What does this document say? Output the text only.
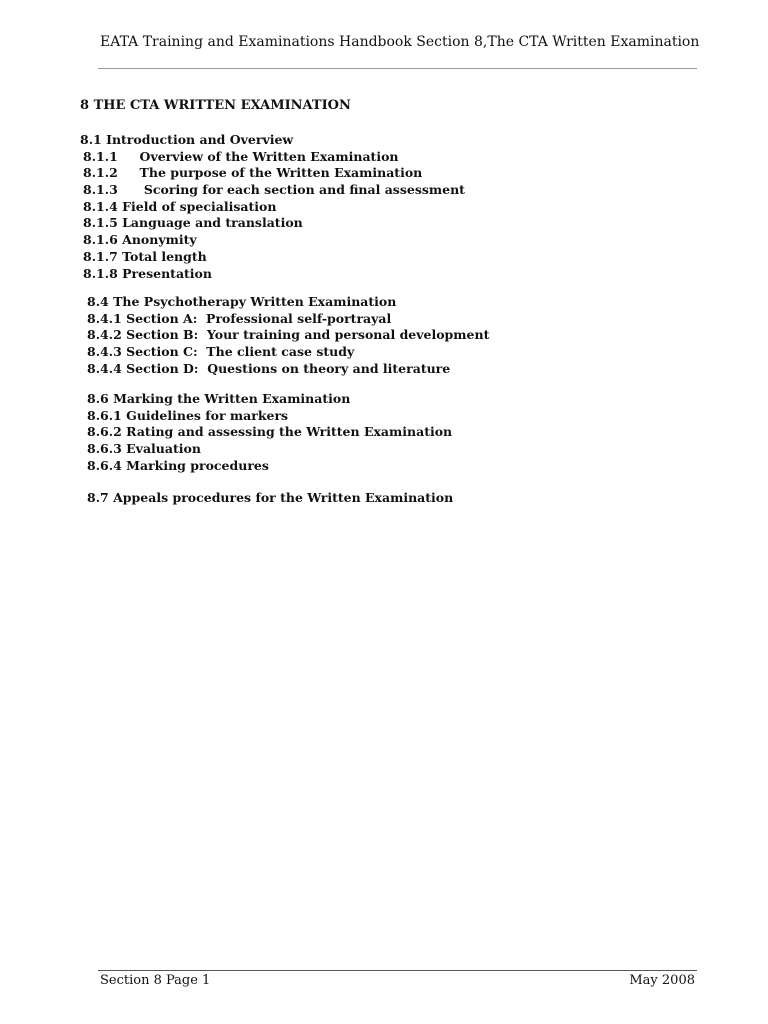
EATA Training and Examinations Handbook Section 8, The CTA Written Examination
8 THE CTA WRITTEN EXAMINATION
8.1 Introduction and Overview
8.1.1     Overview of the Written Examination
8.1.2     The purpose of the Written Examination
8.1.3      Scoring for each section and final assessment
8.1.4 Field of specialisation
8.1.5 Language and translation
8.1.6 Anonymity
8.1.7 Total length
8.1.8 Presentation
8.4 The Psychotherapy Written Examination
8.4.1 Section A:  Professional self-portrayal
8.4.2 Section B:  Your training and personal development
8.4.3 Section C:  The client case study
8.4.4 Section D:  Questions on theory and literature
8.6 Marking the Written Examination
8.6.1 Guidelines for markers
8.6.2 Rating and assessing the Written Examination
8.6.3 Evaluation
8.6.4 Marking procedures
8.7 Appeals procedures for the Written Examination
Section 8 Page 1	May 2008
